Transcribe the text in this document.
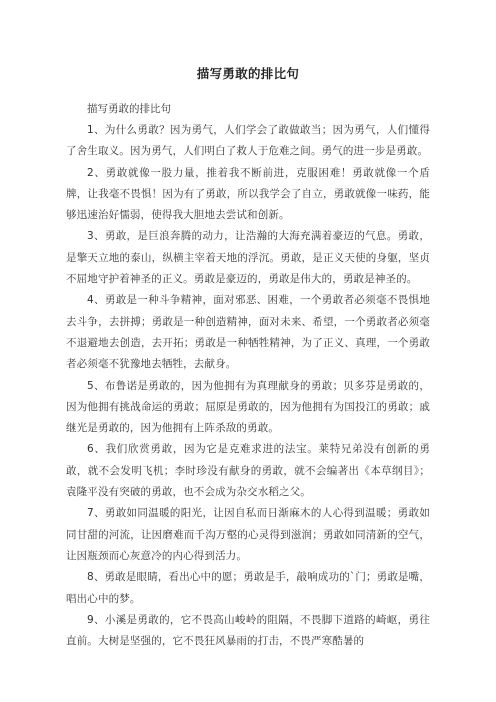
描写勇敢的排比句

描写勇敢的排比句

1、为什么勇敢？因为勇气，人们学会了敢做敢当；因为勇气，人们懂得了舍生取义。因为勇气，人们明白了救人于危难之间。勇气的进一步是勇敢。

2、勇敢就像一股力量，推着我不断前进，克服困难！勇敢就像一个盾牌，让我毫不畏惧！因为有了勇敢，所以我学会了自立，勇敢就像一味药，能够迅速治好懦弱，使得我大胆地去尝试和创新。

3、勇敢，是巨浪奔腾的动力，让浩瀚的大海充满着豪迈的气息。勇敢，是擎天立地的泰山，纵横主宰着天地的浮沉。勇敢，是正义天使的身躯，坚贞不屈地守护着神圣的正义。勇敢是豪迈的，勇敢是伟大的，勇敢是神圣的。

4、勇敢是一种斗争精神，面对邪恶、困难，一个勇敢者必须毫不畏惧地去斗争，去拼搏；勇敢是一种创造精神，面对未来、希望，一个勇敢者必须毫不退避地去创造，去开拓；勇敢是一种牺牲精神，为了正义、真理，一个勇敢者必须毫不犹豫地去牺牲，去献身。

5、布鲁诺是勇敢的，因为他拥有为真理献身的勇敢；贝多芬是勇敢的，因为他拥有挑战命运的勇敢；屈原是勇敢的，因为他拥有为国投江的勇敢；戚继光是勇敢的，因为他拥有上阵杀敌的勇敢。

6、我们欣赏勇敢，因为它是克难求进的法宝。莱特兄弟没有创新的勇敢，就不会发明飞机；李时珍没有献身的勇敢，就不会编著出《本草纲目》；袁隆平没有突破的勇敢，也不会成为杂交水稻之父。

7、勇敢如同温暖的阳光，让因自私而日渐麻木的人心得到温暖；勇敢如同甘甜的河流，让因磨难而千沟万壑的心灵得到滋润；勇敢如同清新的空气，让因瓶颈而心灰意冷的内心得到活力。

8、勇敢是眼睛，看出心中的愿；勇敢是手，敲响成功的`门；勇敢是嘴，唱出心中的梦。

9、小溪是勇敢的，它不畏高山峻岭的阻隔，不畏脚下道路的崎岖，勇往直前。大树是坚强的，它不畏狂风暴雨的打击，不畏严寒酷暑的
